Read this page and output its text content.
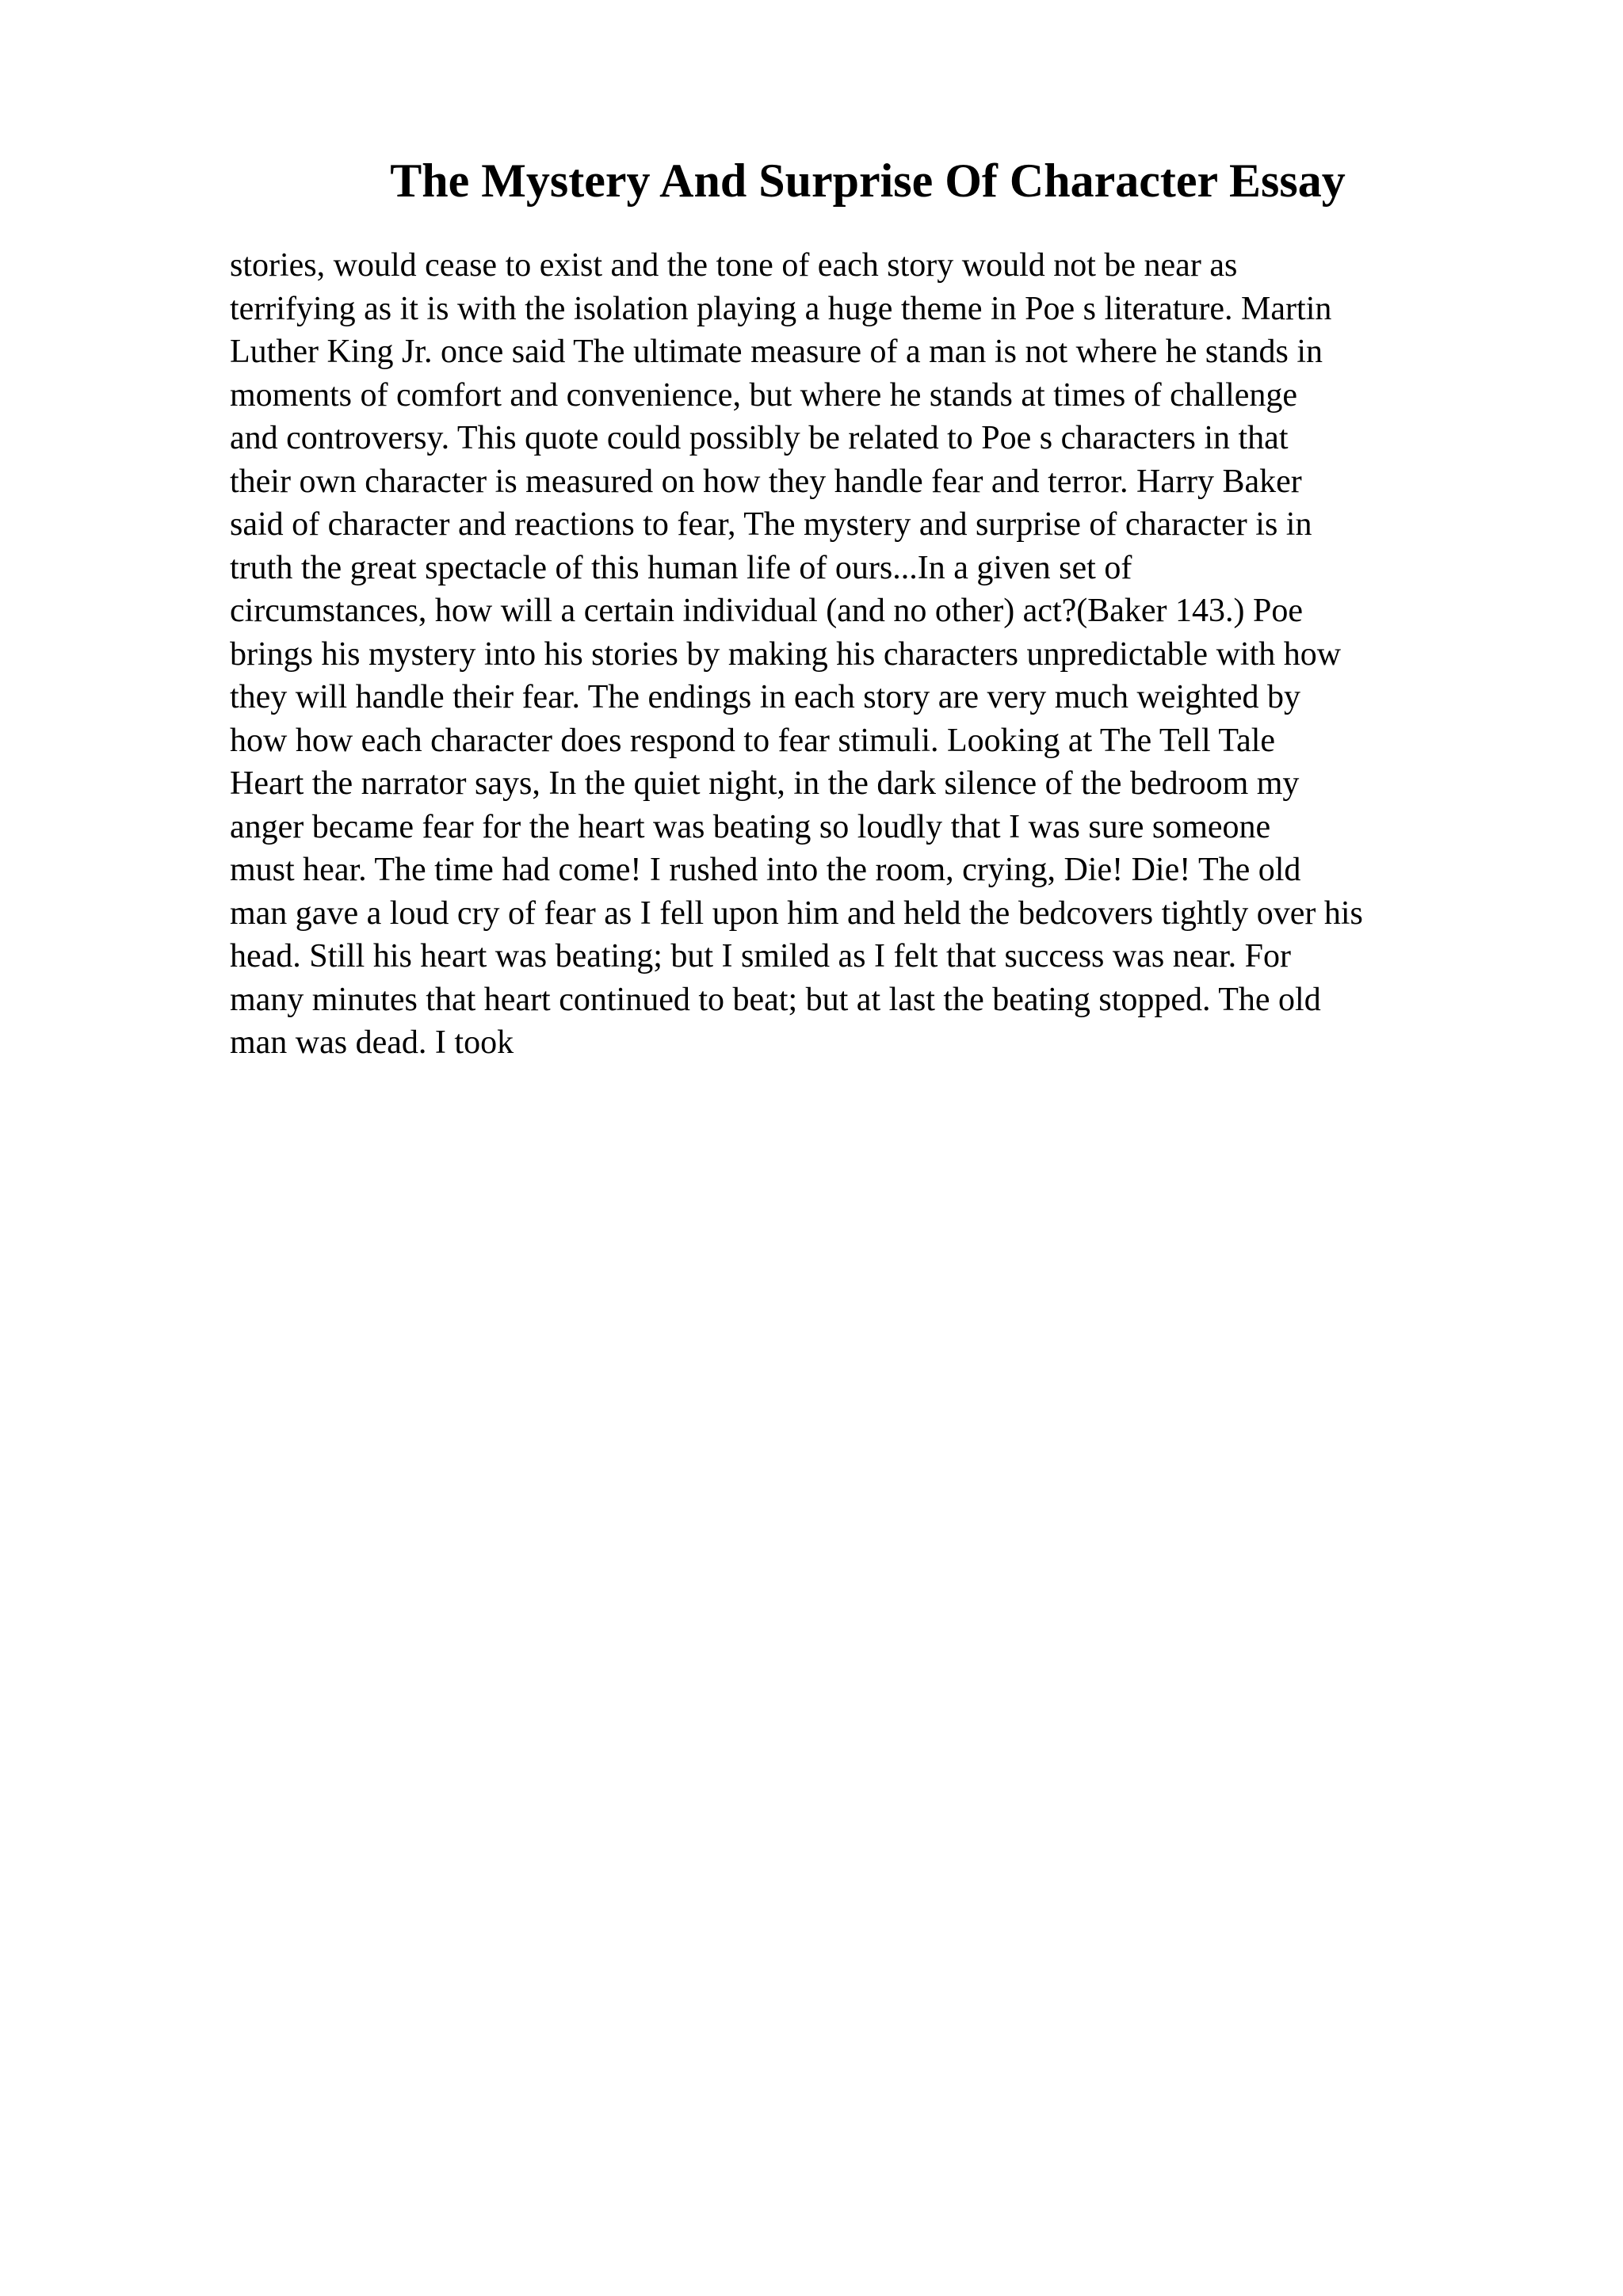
The Mystery And Surprise Of Character Essay
stories, would cease to exist and the tone of each story would not be near as
terrifying as it is with the isolation playing a huge theme in Poe s literature. Martin
Luther King Jr. once said The ultimate measure of a man is not where he stands in
moments of comfort and convenience, but where he stands at times of challenge
and controversy. This quote could possibly be related to Poe s characters in that
their own character is measured on how they handle fear and terror. Harry Baker
said of character and reactions to fear, The mystery and surprise of character is in
truth the great spectacle of this human life of ours...In a given set of
circumstances, how will a certain individual (and no other) act?(Baker 143.) Poe
brings his mystery into his stories by making his characters unpredictable with how
they will handle their fear. The endings in each story are very much weighted by
how how each character does respond to fear stimuli. Looking at The Tell Tale
Heart the narrator says, In the quiet night, in the dark silence of the bedroom my
anger became fear for the heart was beating so loudly that I was sure someone
must hear. The time had come! I rushed into the room, crying, Die! Die! The old
man gave a loud cry of fear as I fell upon him and held the bedcovers tightly over his
head. Still his heart was beating; but I smiled as I felt that success was near. For
many minutes that heart continued to beat; but at last the beating stopped. The old
man was dead. I took
